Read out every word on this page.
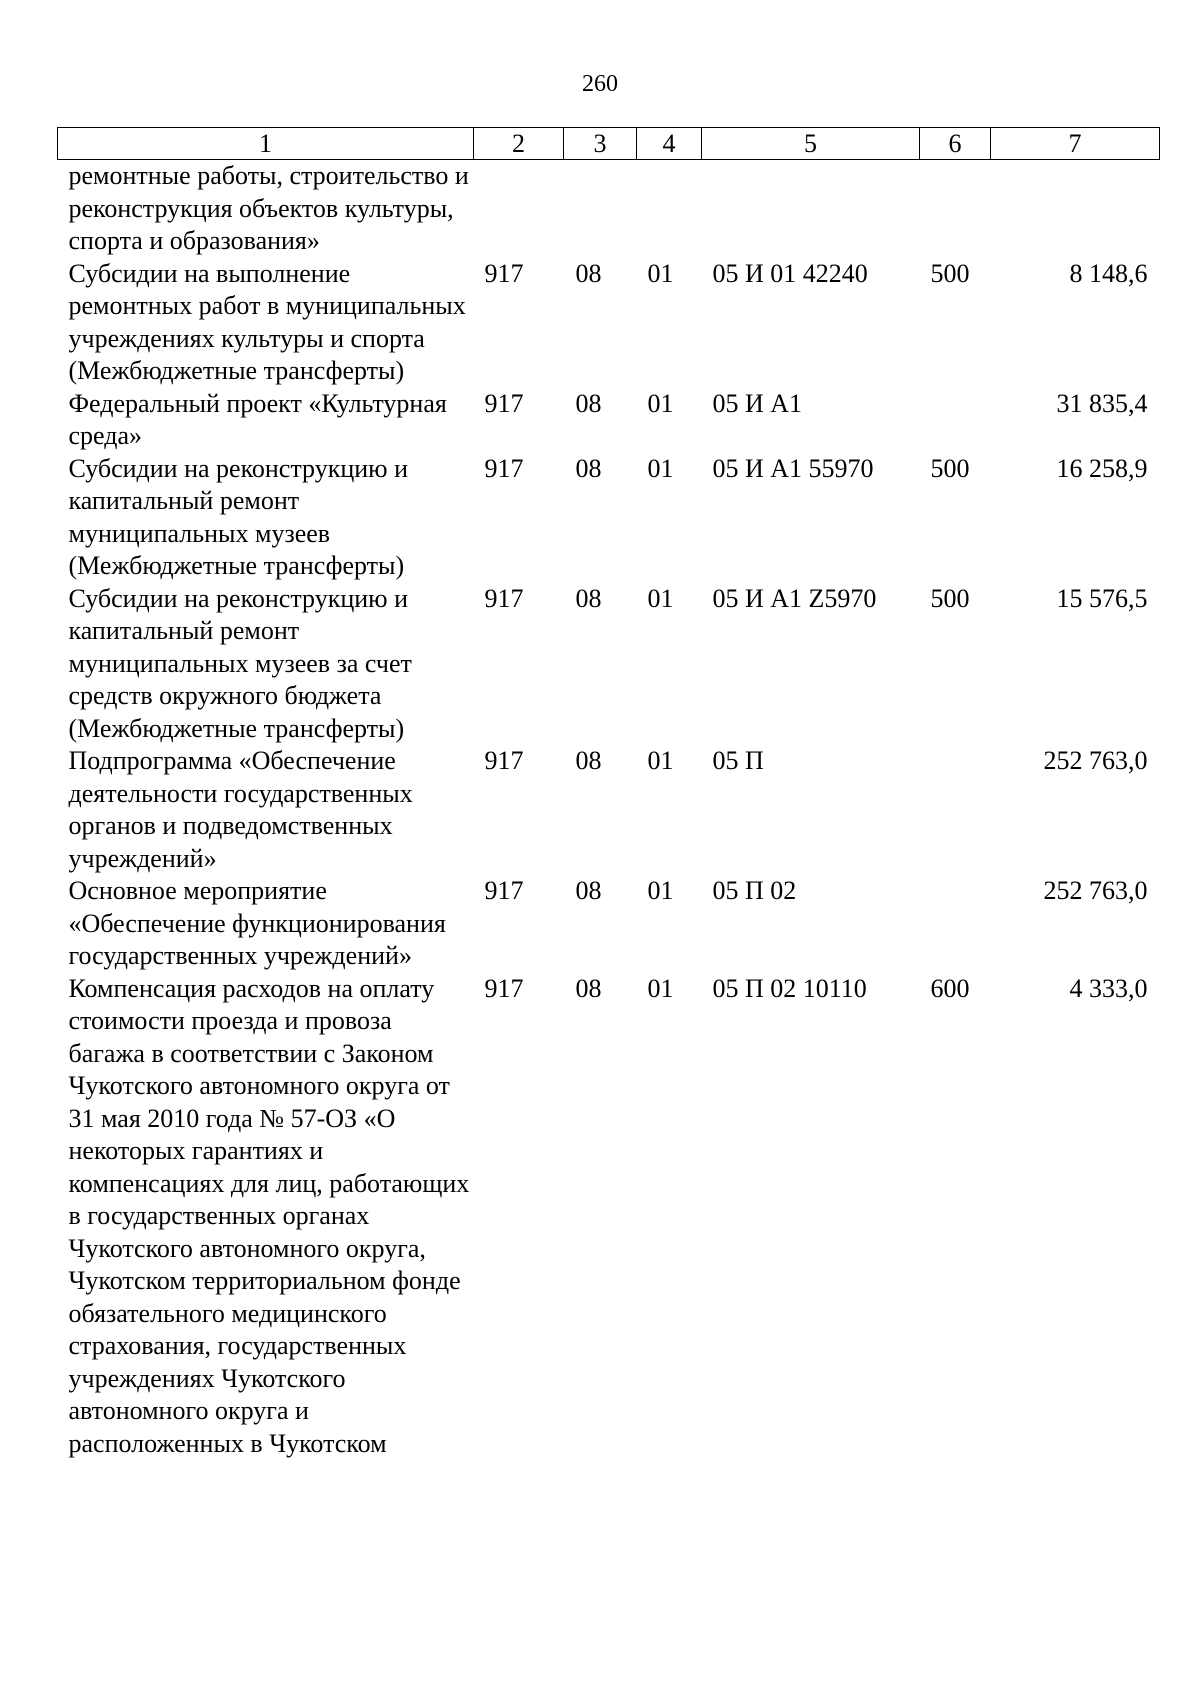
260
1	2	3	4	5	6	7
ремонтные работы, строительство и реконструкция объектов культуры, спорта и образования»						
Субсидии на выполнение ремонтных работ в муниципальных учреждениях культуры и спорта (Межбюджетные трансферты)	917	08	01	05 И 01 42240	500	8 148,6
Федеральный проект «Культурная среда»	917	08	01	05 И А1		31 835,4
Субсидии на реконструкцию и капитальный ремонт муниципальных музеев (Межбюджетные трансферты)	917	08	01	05 И А1 55970	500	16 258,9
Субсидии на реконструкцию и капитальный ремонт муниципальных музеев за счет средств окружного бюджета (Межбюджетные трансферты)	917	08	01	05 И А1 Z5970	500	15 576,5
Подпрограмма «Обеспечение деятельности государственных органов и подведомственных учреждений»	917	08	01	05 П		252 763,0
Основное мероприятие «Обеспечение функционирования государственных учреждений»	917	08	01	05 П 02		252 763,0
Компенсация расходов на оплату стоимости проезда и провоза багажа в соответствии с Законом Чукотского автономного округа от 31 мая 2010 года № 57-ОЗ «О некоторых гарантиях и компенсациях для лиц, работающих в государственных органах Чукотского автономного округа, Чукотском территориальном фонде обязательного медицинского страхования, государственных учреждениях Чукотского автономного округа и расположенных в Чукотском	917	08	01	05 П 02 10110	600	4 333,0
